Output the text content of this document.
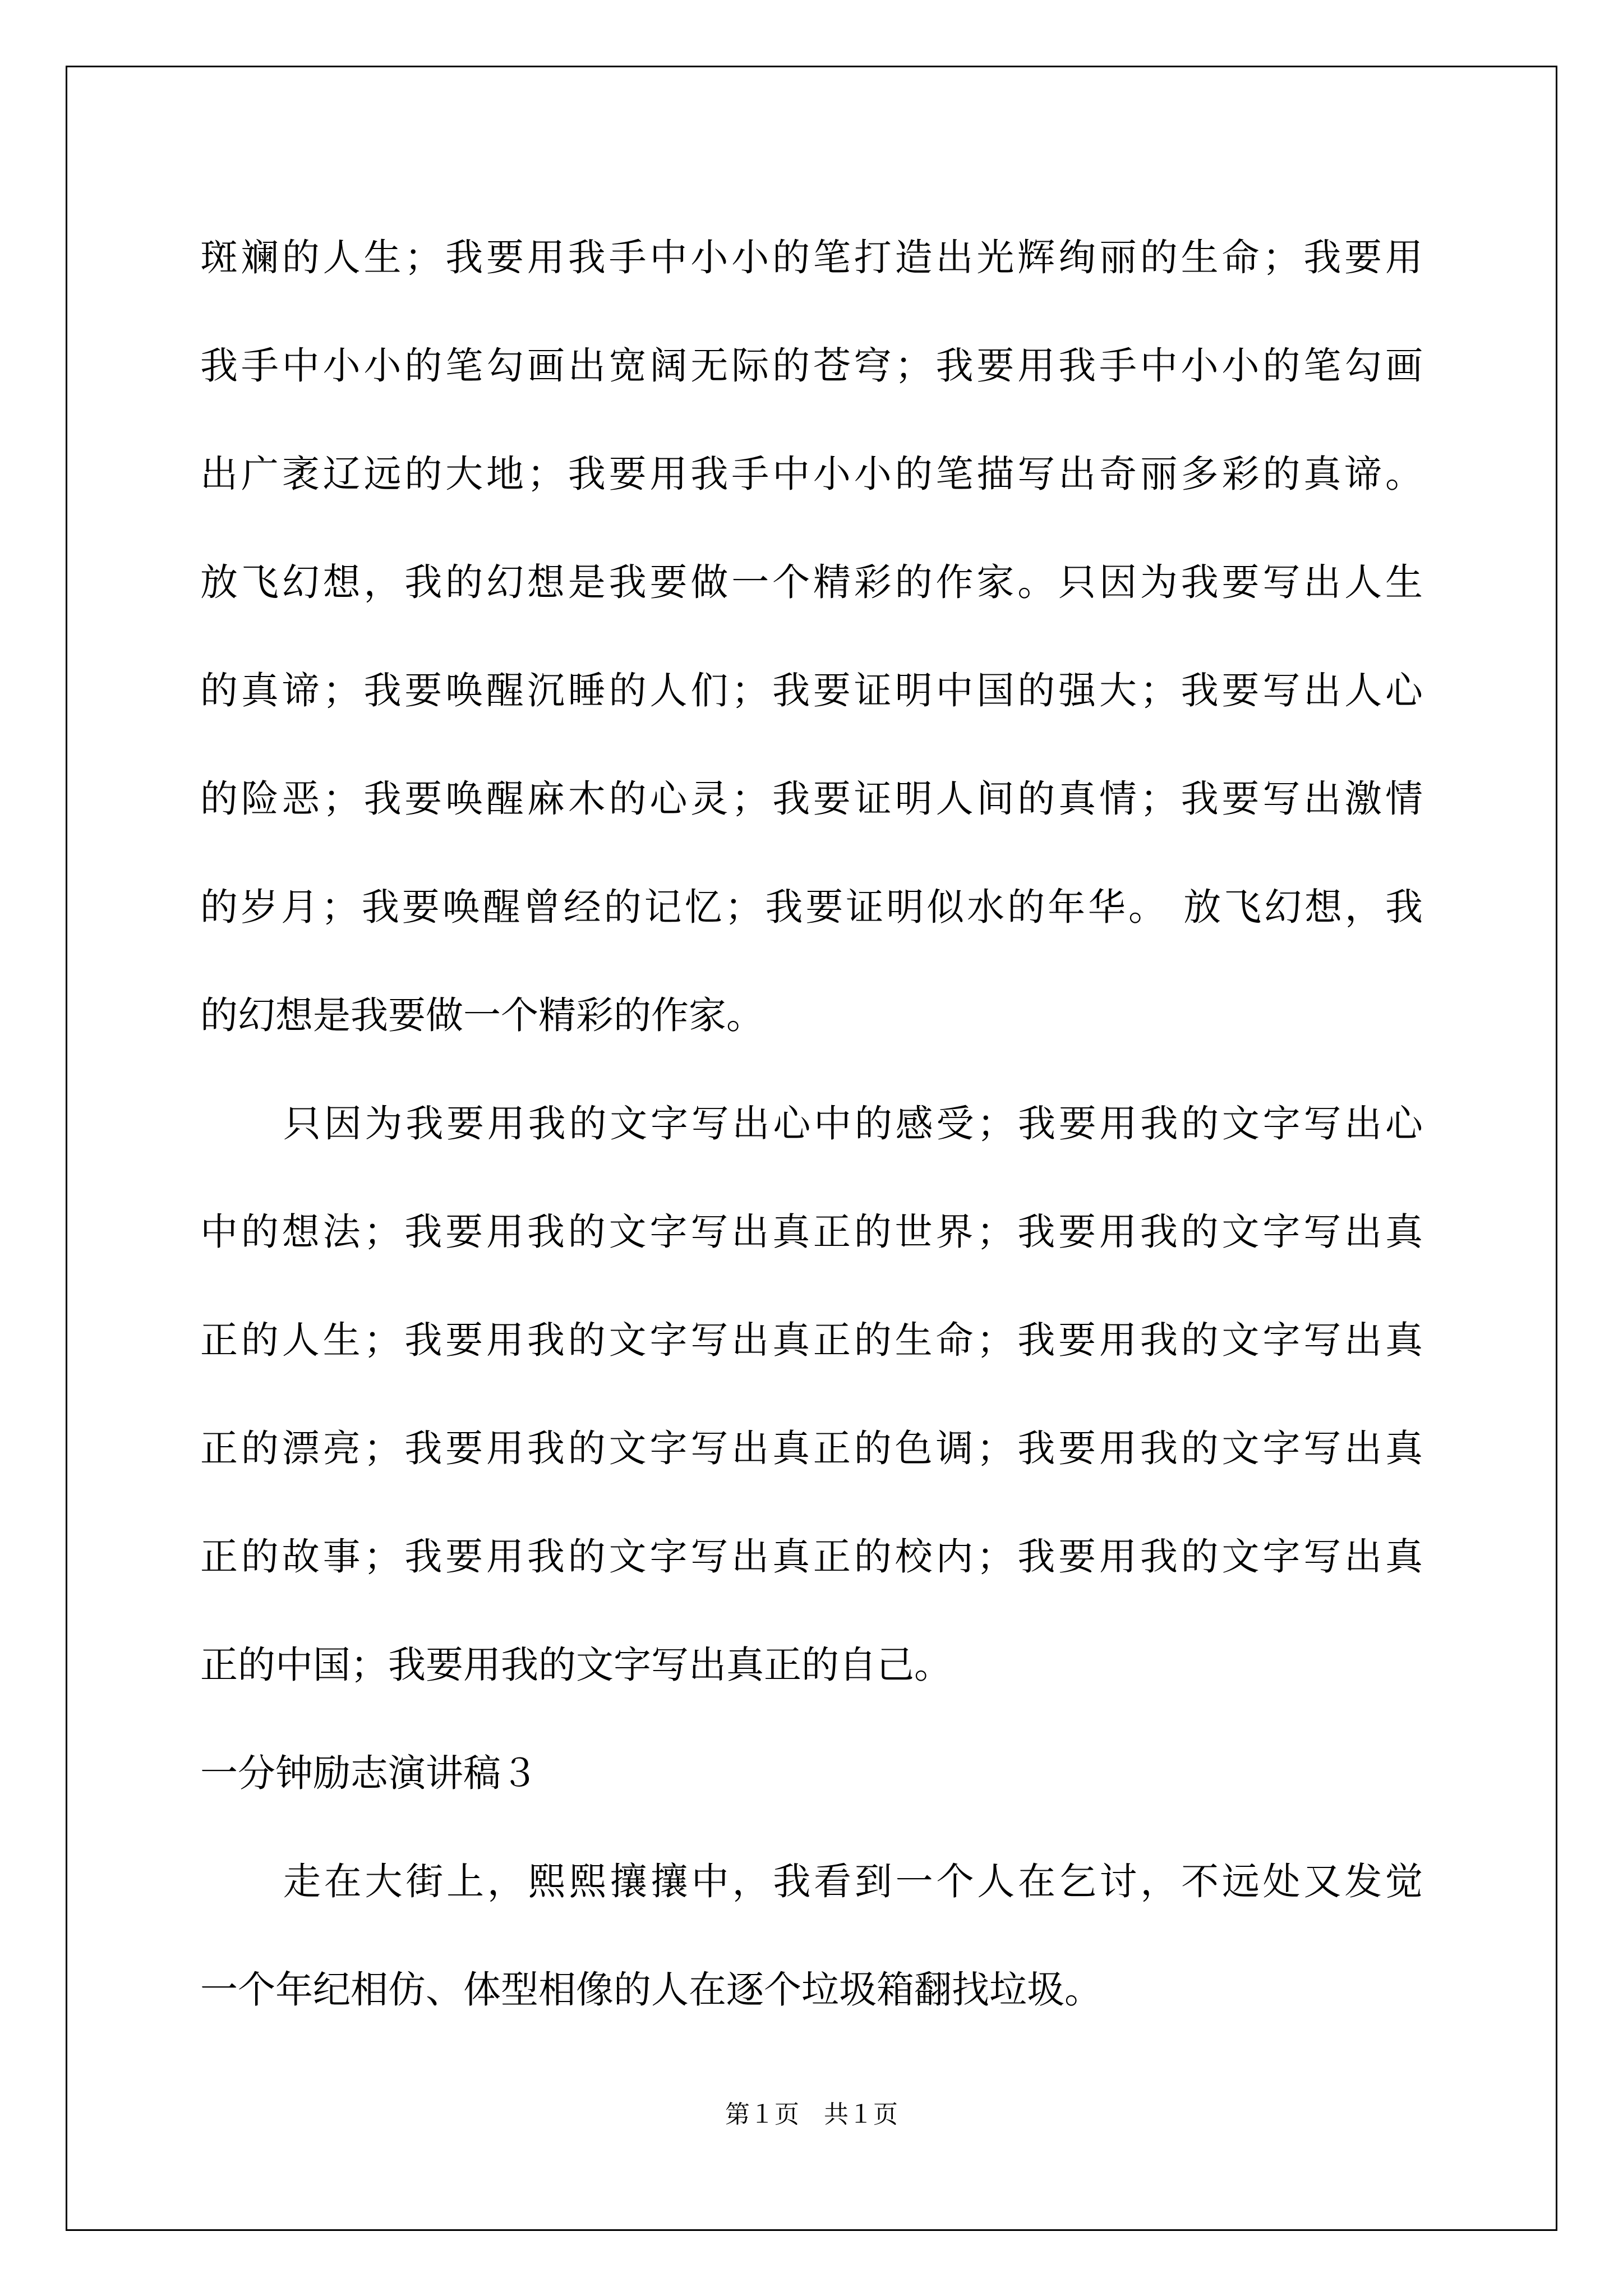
斑斓的人生；我要用我手中小小的笔打造出光辉绚丽的生命；我要用
我手中小小的笔勾画出宽阔无际的苍穹；我要用我手中小小的笔勾画
出广袤辽远的大地；我要用我手中小小的笔描写出奇丽多彩的真谛。
放飞幻想，我的幻想是我要做一个精彩的作家。只因为我要写出人生
的真谛；我要唤醒沉睡的人们；我要证明中国的强大；我要写出人心
的险恶；我要唤醒麻木的心灵；我要证明人间的真情；我要写出激情
的岁月；我要唤醒曾经的记忆；我要证明似水的年华。 放飞幻想，我
的幻想是我要做一个精彩的作家。
只因为我要用我的文字写出心中的感受；我要用我的文字写出心
中的想法；我要用我的文字写出真正的世界；我要用我的文字写出真
正的人生；我要用我的文字写出真正的生命；我要用我的文字写出真
正的漂亮；我要用我的文字写出真正的色调；我要用我的文字写出真
正的故事；我要用我的文字写出真正的校内；我要用我的文字写出真
正的中国；我要用我的文字写出真正的自己。
一分钟励志演讲稿３
走在大街上，熙熙攘攘中，我看到一个人在乞讨，不远处又发觉
一个年纪相仿、体型相像的人在逐个垃圾箱翻找垃圾。
第１页　共１页
